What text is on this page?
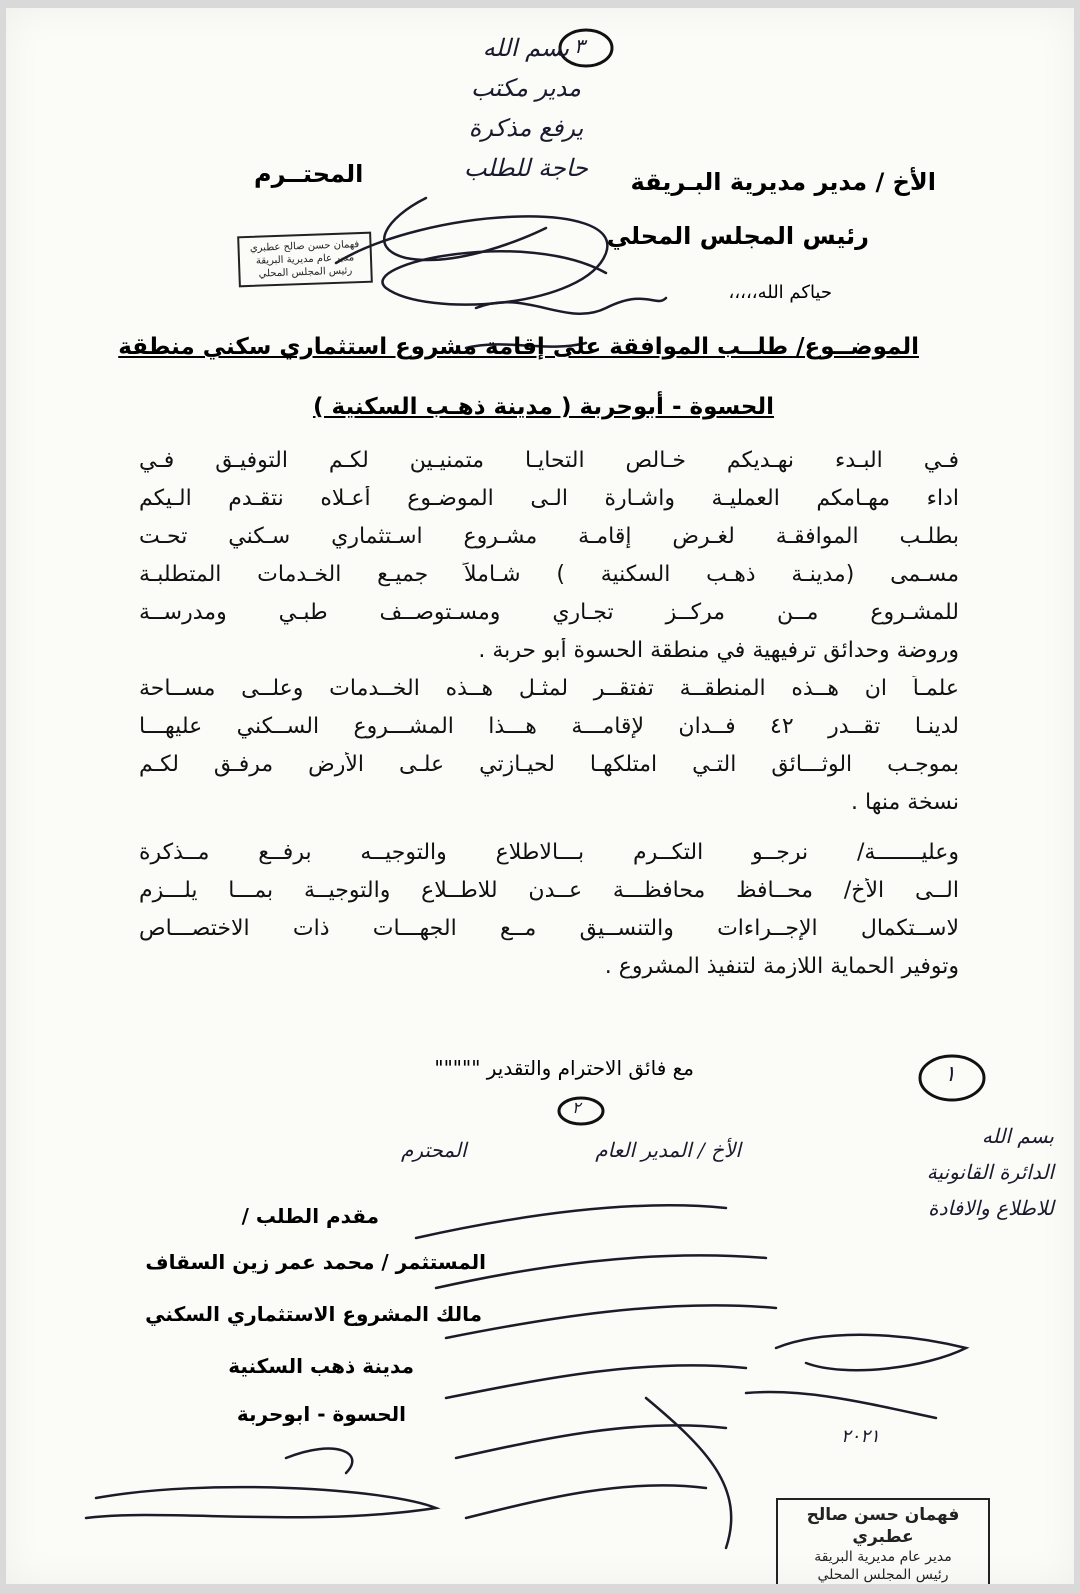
بسم الله
مدير مكتب
يرفع مذكرة
حاجة للطلب
٣
الأخ / مدير مديرية البـريقة
المحتــرم
رئيس المجلس المحلي
حياكم الله،،،،،
فهمان حسن صالح عطبري
مدير عام مديرية البريقة
رئيس المجلس المحلي
الموضــوع/ طلــب الموافقة على إقامة مشروع استثماري سكني منطقة
الحسوة - أبوحربة ( مدينة ذهـب السكنية )
فـي البـدء نهـديكم خـالص التحايـا متمنيـين لكـم التوفيـق فـي
اداء مهـامكم العمليـة واشـارة الـى الموضـوع أعـلاه نتقـدم الـيكم
بطلـب الموافقـة لغـرض إقامـة مشـروع اسـتثماري سـكني تحـت
مسـمى (مدينـة ذهـب السكنية ) شـاملاً جميـع الخـدمات المتطلبـة
للمشـروع مــن مركــز تجـاري ومسـتوصــف طبـي ومدرســة
وروضة وحدائق ترفيهية في منطقة الحسوة أبو حربة .
علمـاً ان هــذه المنطقــة تفتقــر لمثـل هــذه الخــدمات وعلــى مســاحة
لدينـا تقــدر ٤٢ فــدان لإقامـــة هـــذا المشـــروع الســكني عليهـــا
بموجـب الوثـــائق التـي امتلكهـا لحيـازتي علـى الأرض مرفـق لكـم
نسخة منها .
وعليـــــــة/ نرجــو التكــرم بـــالاطلاع والتوجيــه برفــع مــذكرة
الــى الأخ/ محــافظ محافظـــة عــدن للاطــلاع والتوجيــة بمـــا يلـــزم
لاســتكمال الإجــراءات والتنســيق مــع الجهـــات ذات الاختصـــاص
وتوفير الحماية اللازمة لتنفيذ المشروع .
مع فائق الاحترام والتقدير """""	١
٢
بسم الله
الدائرة القانونية
للاطلاع والافادة
الأخ / المدير العام
المحترم
٢٠٢١
مقدم الطلب /
المستثمر / محمد عمر زين السقاف
مالك المشروع الاستثماري السكني
مدينة ذهب السكنية
الحسوة - ابوحربة
فهمان حسن صالح عطبري
مدير عام مديرية البريقة
رئيس المجلس المحلي
